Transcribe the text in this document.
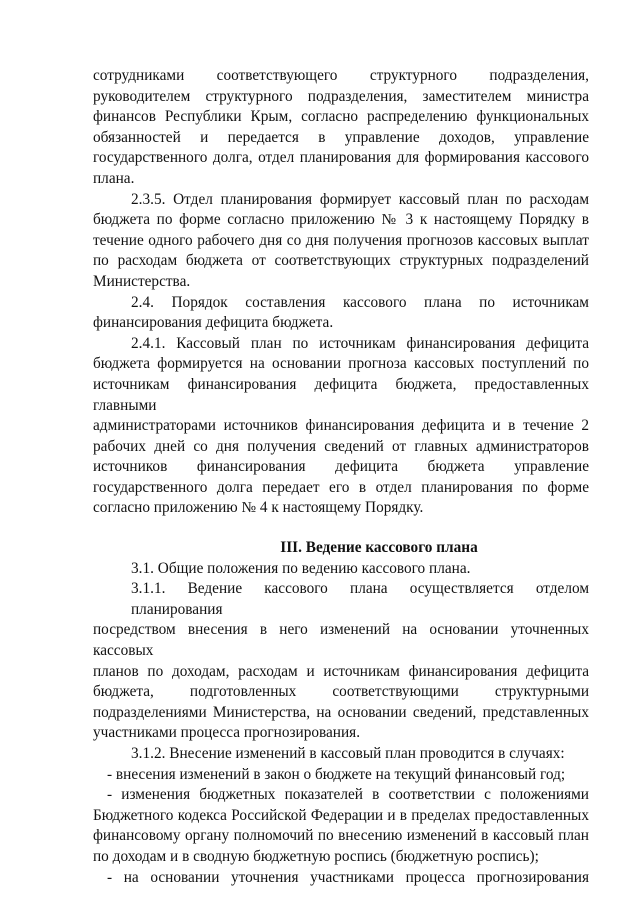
сотрудниками соответствующего структурного подразделения,
руководителем структурного подразделения, заместителем министра
финансов Республики Крым, согласно распределению функциональных
обязанностей и передается в управление доходов, управление
государственного долга, отдел планирования для формирования кассового
плана.
2.3.5. Отдел планирования формирует кассовый план по расходам
бюджета по форме согласно приложению № 3 к настоящему Порядку в
течение одного рабочего дня со дня получения прогнозов кассовых выплат
по расходам бюджета от соответствующих структурных подразделений
Министерства.
2.4. Порядок составления кассового плана по источникам
финансирования дефицита бюджета.
2.4.1. Кассовый план по источникам финансирования дефицита
бюджета формируется на основании прогноза кассовых поступлений по
источникам финансирования дефицита бюджета, предоставленных главными
администраторами источников финансирования дефицита и в течение 2
рабочих дней со дня получения сведений от главных администраторов
источников финансирования дефицита бюджета управление
государственного долга передает его в отдел планирования по форме
согласно приложению № 4 к настоящему Порядку.
III. Ведение кассового плана
3.1. Общие положения по ведению кассового плана.
3.1.1. Ведение кассового плана осуществляется отделом планирования
посредством внесения в него изменений на основании уточненных кассовых
планов по доходам, расходам и источникам финансирования дефицита
бюджета, подготовленных соответствующими структурными
подразделениями Министерства, на основании сведений, представленных
участниками процесса прогнозирования.
3.1.2. Внесение изменений в кассовый план проводится в случаях:
- внесения изменений в закон о бюджете на текущий финансовый год;
- изменения бюджетных показателей в соответствии с положениями
Бюджетного кодекса Российской Федерации и в пределах предоставленных
финансовому органу полномочий по внесению изменений в кассовый план
по доходам и в сводную бюджетную роспись (бюджетную роспись);
- на основании уточнения участниками процесса прогнозирования
